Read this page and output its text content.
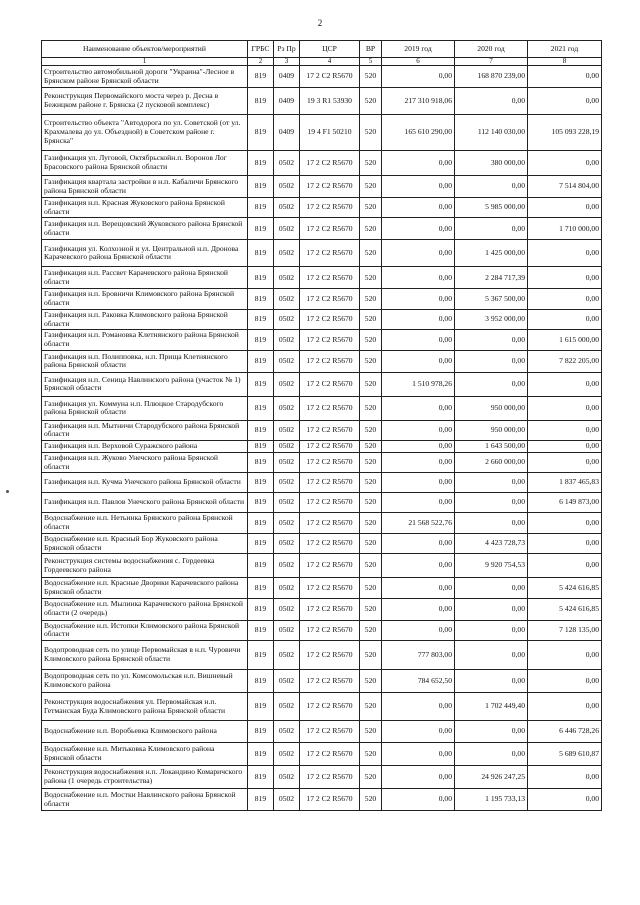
2
Наименование объектов/мероприятий	ГРБС	Рз Пр	ЦСР	ВР	2019 год	2020 год	2021 год
1	2	3	4	5	6	7	8
Строительство автомобильной дороги "Украина"-Лесное в Брянском районе Брянской области	819	0409	17 2 C2 R5670	520	0,00	168 870 239,00	0,00
Реконструкция Первомайского моста через р. Десна в Бежицком районе г. Брянска (2 пусковой комплекс)	819	0409	19 3 R1 53930	520	217 310 918,06	0,00	0,00
Строительство объекта "Автодорога по ул. Советской (от ул. Крахмалева до ул. Объездной) в Советском районе г. Брянска"	819	0409	19 4 F1 50210	520	165 610 290,00	112 140 030,00	105 093 228,19
Газификация ул. Луговой, Октябрьскойн.п. Воронов Лог Брасовского района Брянской области	819	0502	17 2 C2 R5670	520	0,00	380 000,00	0,00
Газификация квартала застройки в н.п. Кабаличи Брянского района Брянской области	819	0502	17 2 C2 R5670	520	0,00	0,00	7 514 804,00
Газификация н.п. Красная Жуковского района Брянской области	819	0502	17 2 C2 R5670	520	0,00	5 985 000,00	0,00
Газификация н.п. Верещовский Жуковского района Брянской области	819	0502	17 2 C2 R5670	520	0,00	0,00	1 710 000,00
Газификация ул. Колхозной и ул. Центральной н.п. Дронова Карачевского района Брянской области	819	0502	17 2 C2 R5670	520	0,00	1 425 000,00	0,00
Газификация н.п. Рассвет Карачевского района Брянской области	819	0502	17 2 C2 R5670	520	0,00	2 284 717,39	0,00
Газификация н.п. Бровничи Климовского района Брянской области	819	0502	17 2 C2 R5670	520	0,00	5 367 500,00	0,00
Газификация н.п. Раковка Климовского района Брянской области	819	0502	17 2 C2 R5670	520	0,00	3 952 000,00	0,00
Газификация н.п. Романовка Клетнянского района Брянской области	819	0502	17 2 C2 R5670	520	0,00	0,00	1 615 000,00
Газификация н.п. Полипповка, н.п. Прища Клетнянского района Брянской области	819	0502	17 2 C2 R5670	520	0,00	0,00	7 822 205,00
Газификация н.п. Сеница Навлинского района (участок № 1) Брянской области	819	0502	17 2 C2 R5670	520	1 510 978,26	0,00	0,00
Газификация ул. Коммуна н.п. Плюцкое Стародубского района Брянской области	819	0502	17 2 C2 R5670	520	0,00	950 000,00	0,00
Газификация н.п. Мытничи Стародубского района Брянской области	819	0502	17 2 C2 R5670	520	0,00	950 000,00	0,00
Газификация н.п. Верховой Суражского района	819	0502	17 2 C2 R5670	520	0,00	1 643 500,00	0,00
Газификация н.п. Жуково Унечского района Брянской области	819	0502	17 2 C2 R5670	520	0,00	2 660 000,00	0,00
Газификация н.п. Кучма Унечского района Брянской области	819	0502	17 2 C2 R5670	520	0,00	0,00	1 837 465,83
Газификация н.п. Павлов Унечского района Брянской области	819	0502	17 2 C2 R5670	520	0,00	0,00	6 149 873,00
Водоснабжение н.п. Нетьинка Брянского района Брянской области	819	0502	17 2 C2 R5670	520	21 568 522,76	0,00	0,00
Водоснабжение н.п. Красный Бор Жуковского района Брянской области	819	0502	17 2 C2 R5670	520	0,00	4 423 728,73	0,00
Реконструкция системы водоснабжения с. Гордеевка Гордеевского района	819	0502	17 2 C2 R5670	520	0,00	9 920 754,53	0,00
Водоснабжение н.п. Красные Дворики Карачевского района Брянской области	819	0502	17 2 C2 R5670	520	0,00	0,00	5 424 616,85
Водоснабжение н.п. Мылинка Карачевского района Брянской области (2 очередь)	819	0502	17 2 C2 R5670	520	0,00	0,00	5 424 616,85
Водоснабжение н.п. Истопки Климовского района Брянской области	819	0502	17 2 C2 R5670	520	0,00	0,00	7 128 135,00
Водопроводная сеть по улице Первомайская в н.п. Чуровичи Климовского района Брянской области	819	0502	17 2 C2 R5670	520	777 803,00	0,00	0,00
Водопроводная сеть по ул. Комсомольская н.п. Вишневый Климовского района	819	0502	17 2 C2 R5670	520	784 652,50	0,00	0,00
Реконструкция водоснабжения ул. Первомайская н.п. Гетманская Буда Климовского района Брянской области	819	0502	17 2 C2 R5670	520	0,00	1 702 449,40	0,00
Водоснабжение н.п. Воробьевка Климовского района	819	0502	17 2 C2 R5670	520	0,00	0,00	6 446 728,26
Водоснабжение н.п. Митьковка Климовского района Брянской области	819	0502	17 2 C2 R5670	520	0,00	0,00	5 689 610,87
Реконструкция водоснабжения н.п. Локандино Комаричского района (1 очередь строительства)	819	0502	17 2 C2 R5670	520	0,00	24 926 247,25	0,00
Водоснабжение н.п. Мостки Навлинского района Брянской области	819	0502	17 2 C2 R5670	520	0,00	1 195 733,13	0,00
